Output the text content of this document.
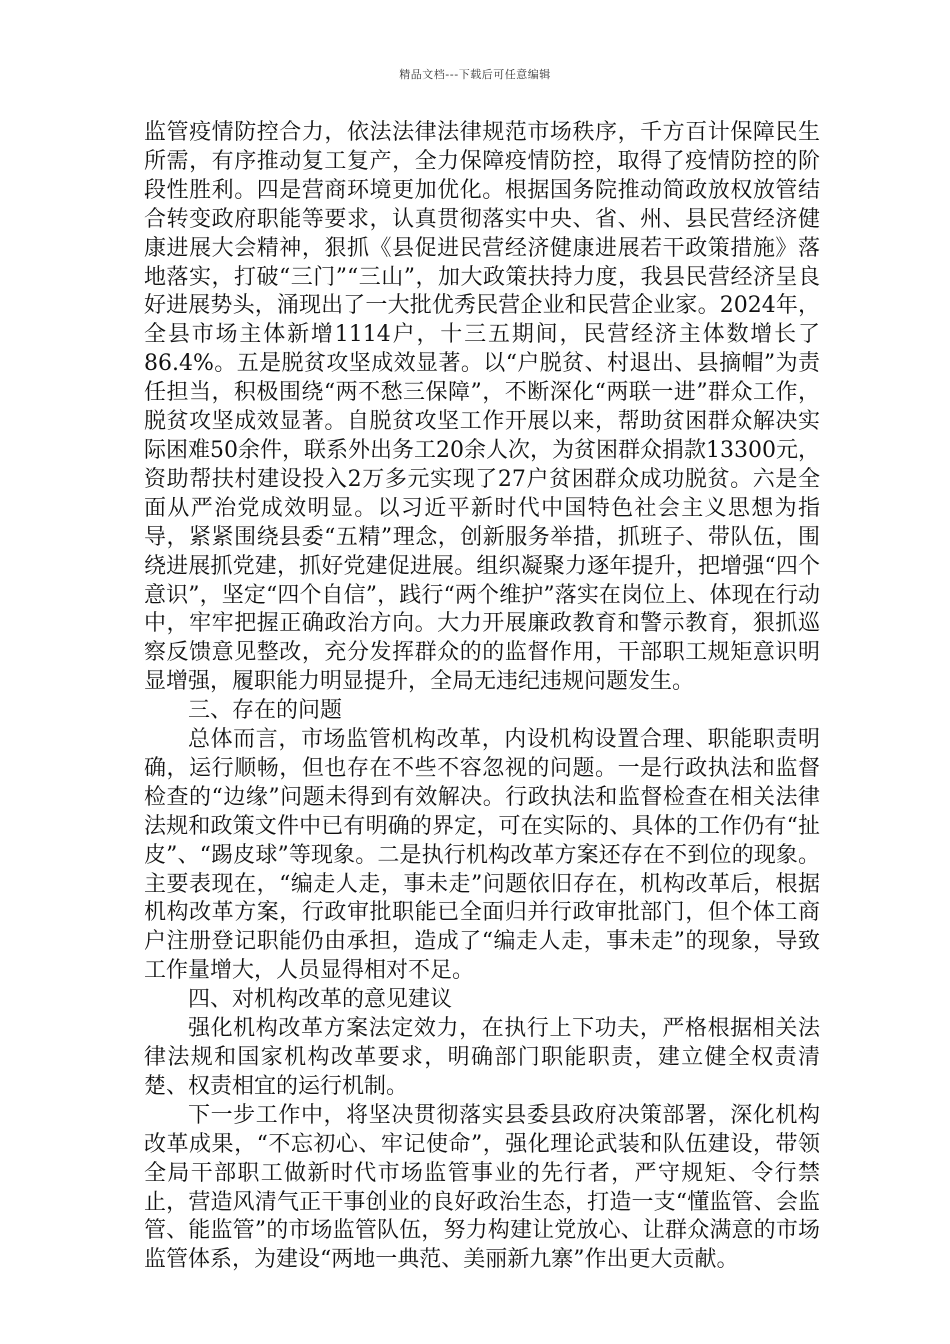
精品文档---下载后可任意编辑

监管疫情防控合力，依法法律法律规范市场秩序，千方百计保障民生所需，有序推动复工复产，全力保障疫情防控，取得了疫情防控的阶段性胜利。四是营商环境更加优化。根据国务院推动简政放权放管结合转变政府职能等要求，认真贯彻落实中央、省、州、县民营经济健康进展大会精神，狠抓《县促进民营经济健康进展若干政策措施》落地落实，打破“三门”“三山”，加大政策扶持力度，我县民营经济呈良好进展势头，涌现出了一大批优秀民营企业和民营企业家。2024年，全县市场主体新增1114户，十三五期间，民营经济主体数增长了86.4%。五是脱贫攻坚成效显著。以“户脱贫、村退出、县摘帽”为责任担当，积极围绕“两不愁三保障”，不断深化“两联一进”群众工作，脱贫攻坚成效显著。自脱贫攻坚工作开展以来，帮助贫困群众解决实际困难50余件，联系外出务工20余人次，为贫困群众捐款13300元，资助帮扶村建设投入2万多元实现了27户贫困群众成功脱贫。六是全面从严治党成效明显。以习近平新时代中国特色社会主义思想为指导，紧紧围绕县委“五精”理念，创新服务举措，抓班子、带队伍，围绕进展抓党建，抓好党建促进展。组织凝聚力逐年提升，把增强“四个意识”，坚定“四个自信”，践行“两个维护”落实在岗位上、体现在行动中，牢牢把握正确政治方向。大力开展廉政教育和警示教育，狠抓巡察反馈意见整改，充分发挥群众的的监督作用，干部职工规矩意识明显增强，履职能力明显提升，全局无违纪违规问题发生。

三、存在的问题

总体而言，市场监管机构改革，内设机构设置合理、职能职责明确，运行顺畅，但也存在不些不容忽视的问题。一是行政执法和监督检查的“边缘”问题未得到有效解决。行政执法和监督检查在相关法律法规和政策文件中已有明确的界定，可在实际的、具体的工作仍有“扯皮”、“踢皮球”等现象。二是执行机构改革方案还存在不到位的现象。主要表现在，“编走人走，事未走”问题依旧存在，机构改革后，根据机构改革方案，行政审批职能已全面归并行政审批部门，但个体工商户注册登记职能仍由承担，造成了“编走人走，事未走”的现象，导致工作量增大，人员显得相对不足。

四、对机构改革的意见建议

强化机构改革方案法定效力，在执行上下功夫，严格根据相关法律法规和国家机构改革要求，明确部门职能职责，建立健全权责清楚、权责相宜的运行机制。

下一步工作中，将坚决贯彻落实县委县政府决策部署，深化机构改革成果，“不忘初心、牢记使命”，强化理论武装和队伍建设，带领全局干部职工做新时代市场监管事业的先行者，严守规矩、令行禁止，营造风清气正干事创业的良好政治生态，打造一支“懂监管、会监管、能监管”的市场监管队伍，努力构建让党放心、让群众满意的市场监管体系，为建设“两地一典范、美丽新九寨”作出更大贡献。
